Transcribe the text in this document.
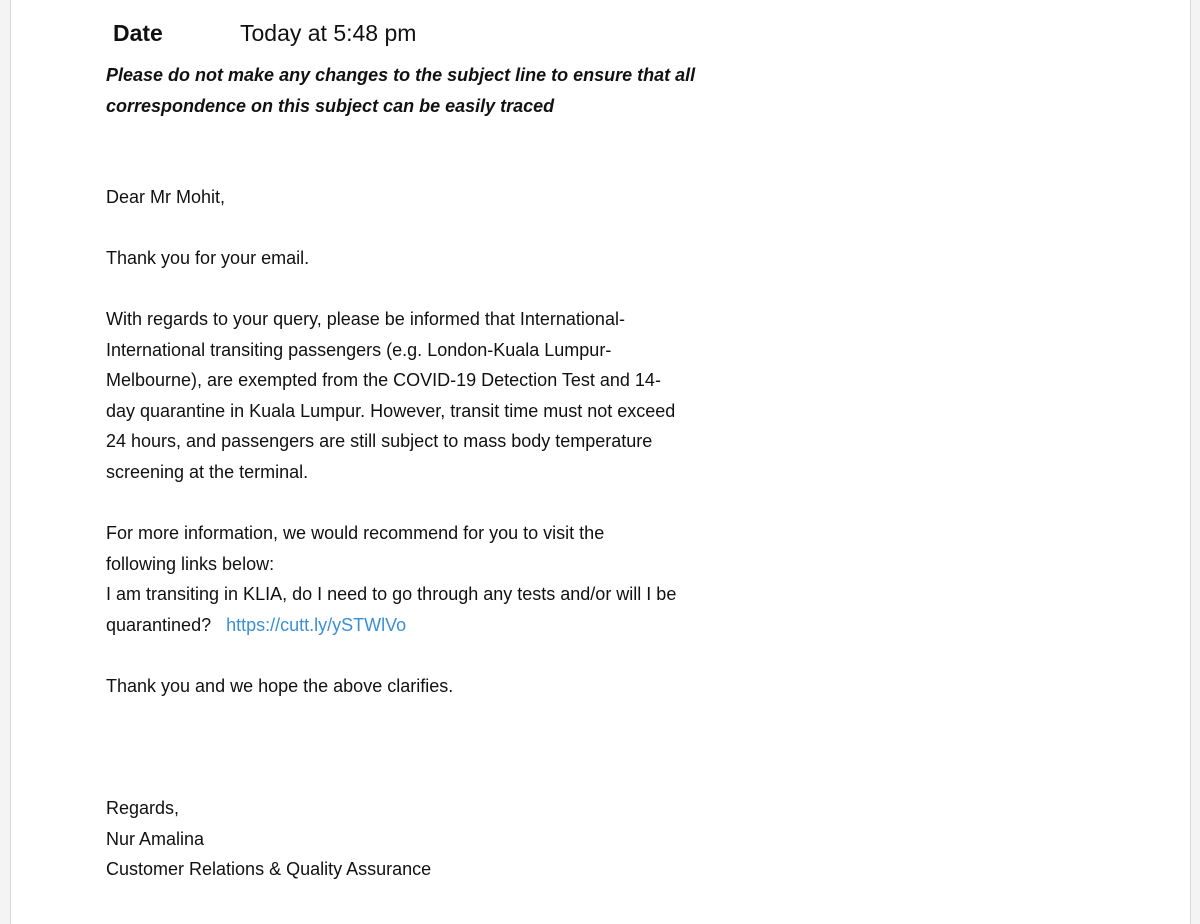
Date	Today at 5:48 pm
Please do not make any changes to the subject line to ensure that all correspondence on this subject can be easily traced
Dear Mr Mohit,
Thank you for your email.

With regards to your query, please be informed that International-

International transiting passengers (e.g. London-Kuala Lumpur-

Melbourne), are exempted from the COVID-19 Detection Test and 14-

day quarantine in Kuala Lumpur. However, transit time must not exceed

24 hours, and passengers are still subject to mass body temperature

screening at the terminal.

For more information, we would recommend for you to visit the

following links below:

I am transiting in KLIA, do I need to go through any tests and/or will I be

quarantined? https://cutt.ly/ySTWlVo

Thank you and we hope the above clarifies.

Regards,

Nur Amalina

Customer Relations & Quality Assurance
